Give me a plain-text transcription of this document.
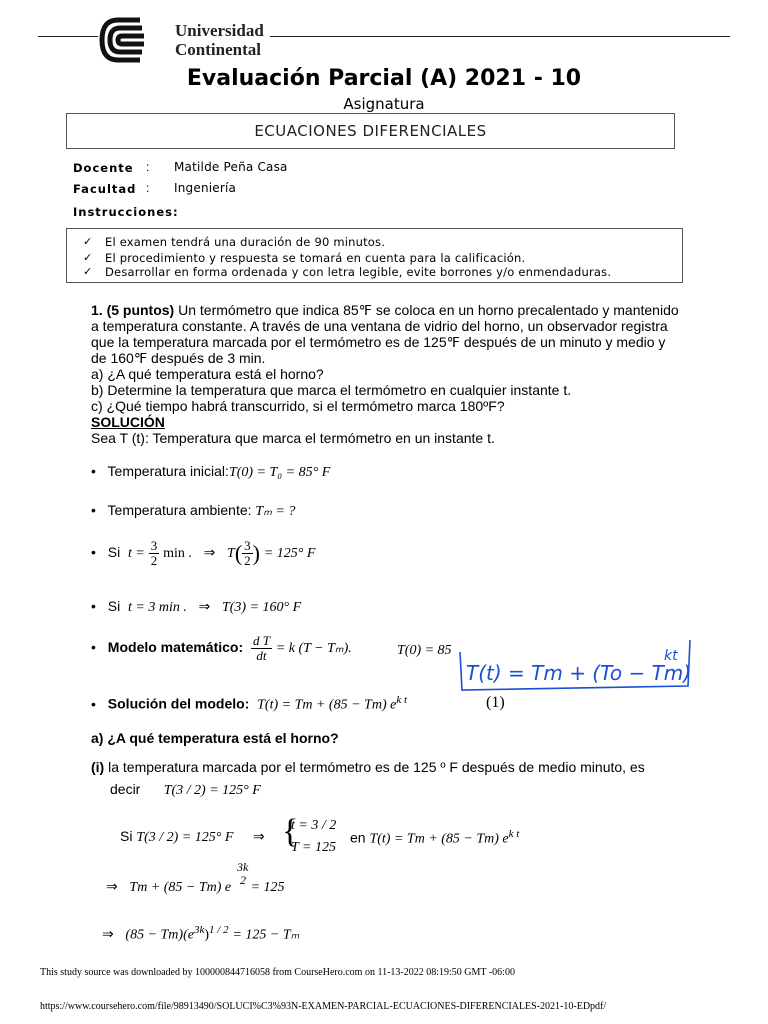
Universidad
Continental
Evaluación Parcial (A) 2021 - 10
Asignatura
ECUACIONES DIFERENCIALES
Docente : Matilde Peña Casa
Facultad : Ingeniería
Instrucciones:
✓ El examen tendrá una duración de 90 minutos.
✓ El procedimiento y respuesta se tomará en cuenta para la calificación.
✓ Desarrollar en forma ordenada y con letra legible, evite borrones y/o enmendaduras.
1. (5 puntos) Un termómetro que indica 85℉ se coloca en un horno precalentado y mantenido
a temperatura constante. A través de una ventana de vidrio del horno, un observador registra
que la temperatura marcada por el termómetro es de 125℉ después de un minuto y medio y
de 160℉ después de 3 min.
a) ¿A qué temperatura está el horno?
b) Determine la temperatura que marca el termómetro en cualquier instante t.
c) ¿Qué tiempo habrá transcurrido, si el termómetro marca 180ºF?
SOLUCIÓN
Sea T (t): Temperatura que marca el termómetro en un instante t.
• Temperatura inicial:T(0) = T₀ = 85° F
• Temperatura ambiente: Tₘ = ?
• Si $t = \frac{3}{2}$ min . ⇒ $T( \frac{3}{2}$ ) = 125° F
• Si t = 3 min . ⇒ T(3) = 160° F
• Modelo matemático: $\frac{\text{d T}}{dt} = k$ (T − Tₘ).	T(0) = 85
T(t) = Tm + (To − Tm) e
kt
• Solución del modelo: T(t) = Tm + (85 − Tm) $e^{k t}$	(1)
a) ¿A qué temperatura está el horno?
(i) la temperatura marcada por el termómetro es de 125 º F después de medio minuto, es
decir T(3 / 2) = 125° F
Si T(3 / 2) = 125° F ⇒ {
t = 3 / 2
T = 125
en T(t) = Tm + (85 − Tm) $e^{k t}$
3k
2
⇒ Tm + (85 − Tm) e = 125
⇒ $(85 - Tm)(e^{3k})^{1 / 2} = 125 - T_m$
This study source was downloaded by 100000844716058 from CourseHero.com on 11-13-2022 08:19:50 GMT -06:00
https://www.coursehero.com/file/98913490/SOLUCI%C3%93N-EXAMEN-PARCIAL-ECUACIONES-DIFERENCIALES-2021-10-EDpdf/
